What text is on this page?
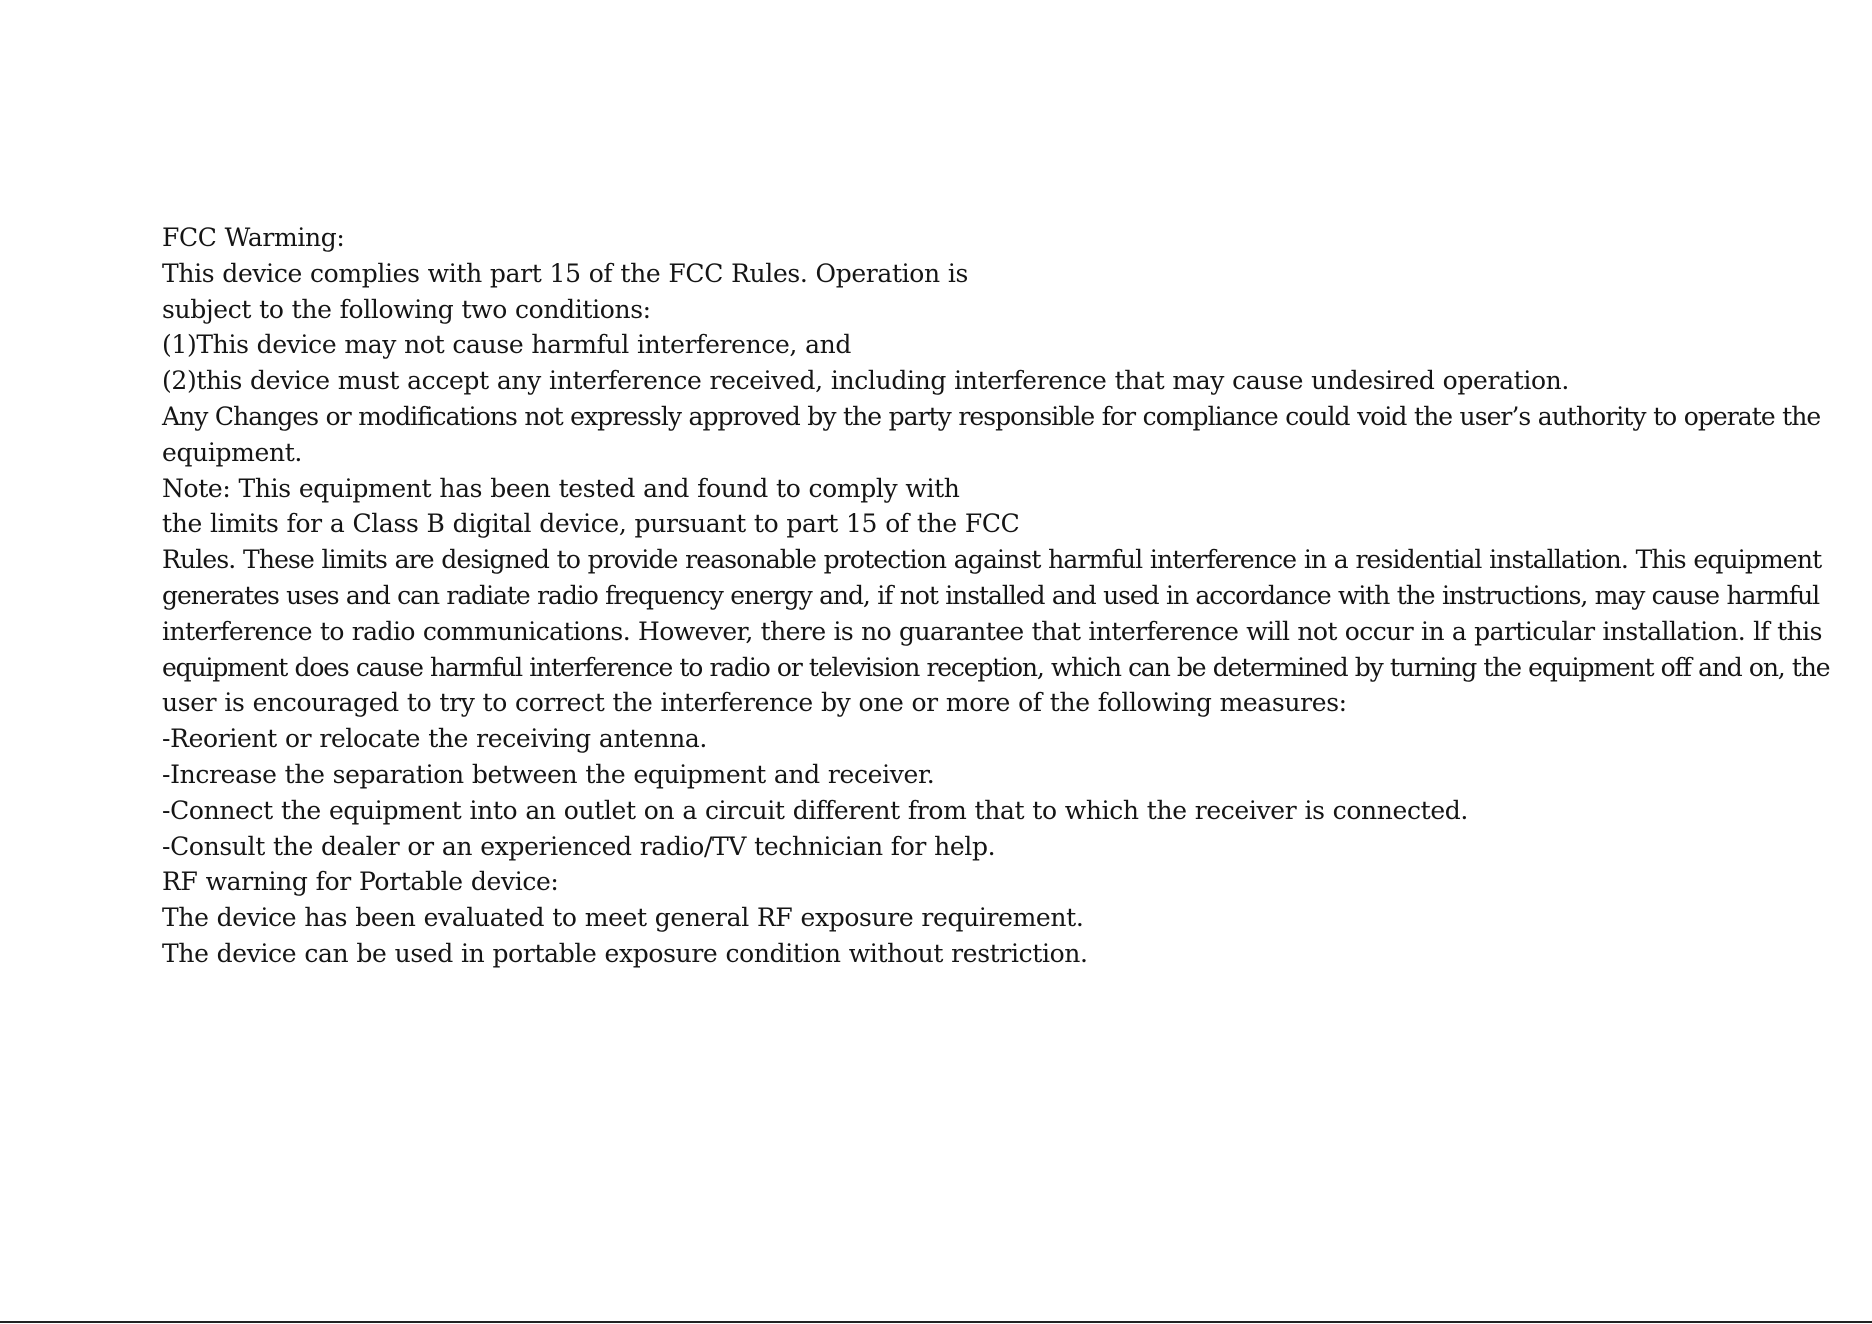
FCC Warming:
This device complies with part 15 of the FCC Rules. Operation is
subject to the following two conditions:
(1)This device may not cause harmful interference, and
(2)this device must accept any interference received, including interference that may cause undesired operation.
Any Changes or modifications not expressly approved by the party responsible for compliance could void the user’s authority to operate the
equipment.
Note: This equipment has been tested and found to comply with
the limits for a Class B digital device, pursuant to part 15 of the FCC
Rules. These limits are designed to provide reasonable protection against harmful interference in a residential installation. This equipment
generates uses and can radiate radio frequency energy and, if not installed and used in accordance with the instructions, may cause harmful
interference to radio communications. However, there is no guarantee that interference will not occur in a particular installation. lf this
equipment does cause harmful interference to radio or television reception, which can be determined by turning the equipment off and on, the
user is encouraged to try to correct the interference by one or more of the following measures:
-Reorient or relocate the receiving antenna.
-Increase the separation between the equipment and receiver.
-Connect the equipment into an outlet on a circuit different from that to which the receiver is connected.
-Consult the dealer or an experienced radio/TV technician for help.
RF warning for Portable device:
The device has been evaluated to meet general RF exposure requirement.
The device can be used in portable exposure condition without restriction.
